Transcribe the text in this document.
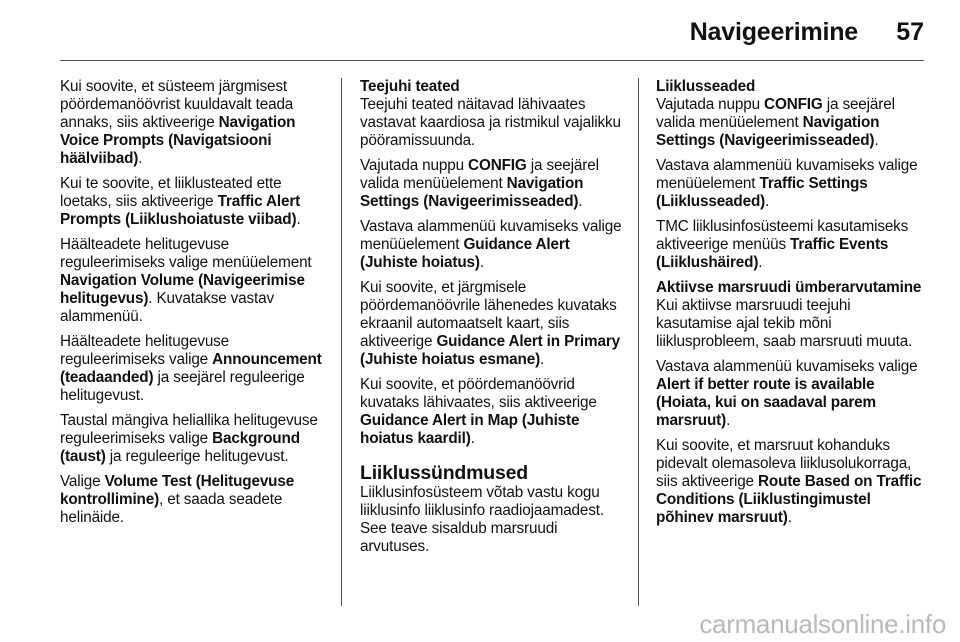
Navigeerimine 57

Kui soovite, et süsteem järgmisest pöördemanöövrist kuuldavalt teada annaks, siis aktiveerige Navigation Voice Prompts (Navigatsiooni häälviibad).

Kui te soovite, et liiklusteated ette loetaks, siis aktiveerige Traffic Alert Prompts (Liiklushoiatuste viibad).

Häälteadete helitugevuse reguleerimiseks valige menüüelement Navigation Volume (Navigeerimise helitugevus). Kuvatakse vastav alammenüü.

Häälteadete helitugevuse reguleerimiseks valige Announcement (teadaanded) ja seejärel reguleerige helitugevust.

Taustal mängiva heliallika helitugevuse reguleerimiseks valige Background (taust) ja reguleerige helitugevust.

Valige Volume Test (Helitugevuse kontrollimine), et saada seadete helinäide.

Teejuhi teated

Teejuhi teated näitavad lähivaates vastavat kaardiosa ja ristmikul vajalikku pööramissuunda.

Vajutada nuppu CONFIG ja seejärel valida menüüelement Navigation Settings (Navigeerimisseaded).

Vastava alammenüü kuvamiseks valige menüüelement Guidance Alert (Juhiste hoiatus).

Kui soovite, et järgmisele pöördemanöövrile lähenedes kuvataks ekraanil automaatselt kaart, siis aktiveerige Guidance Alert in Primary (Juhiste hoiatus esmane).

Kui soovite, et pöördemanöövrid kuvataks lähivaates, siis aktiveerige Guidance Alert in Map (Juhiste hoiatus kaardil).

Liiklussündmused

Liiklusinfosüsteem võtab vastu kogu liiklusinfo liiklusinfo raadiojaamadest. See teave sisaldub marsruudi arvutuses.

Liiklusseaded

Vajutada nuppu CONFIG ja seejärel valida menüüelement Navigation Settings (Navigeerimisseaded).

Vastava alammenüü kuvamiseks valige menüüelement Traffic Settings (Liiklusseaded).

TMC liiklusinfosüsteemi kasutamiseks aktiveerige menüüs Traffic Events (Liiklushäired).

Aktiivse marsruudi ümberarvutamine

Kui aktiivse marsruudi teejuhi kasutamise ajal tekib mõni liiklusprobleem, saab marsruuti muuta.

Vastava alammenüü kuvamiseks valige Alert if better route is available (Hoiata, kui on saadaval parem marsruut).

Kui soovite, et marsruut kohanduks pidevalt olemasoleva liiklusolukorraga, siis aktiveerige Route Based on Traffic Conditions (Liiklustingimustel põhinev marsruut).

carmanualsonline.info
